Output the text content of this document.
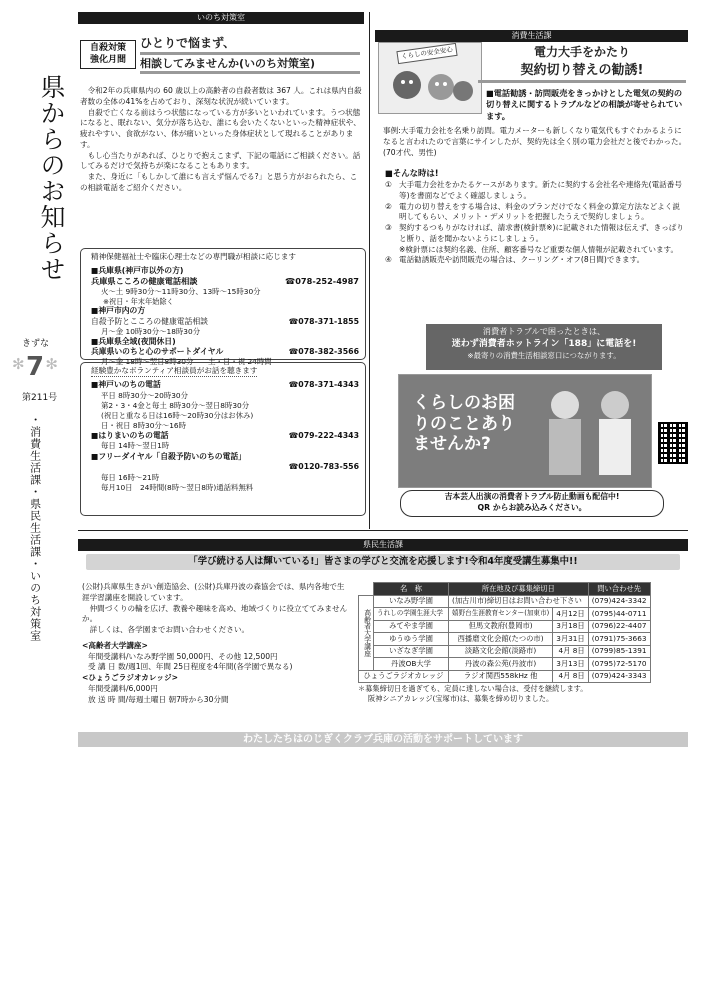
県からのお知らせ
きずな
✻ 7 ✻
第211号
・消費生活課・県民生活課・いのち対策室
いのち対策室
自殺対策
強化月間
ひとりで悩まず、
相談してみませんか(いのち対策室)
令和2年の兵庫県内の 60 歳以上の高齢者の自殺者数は 367 人。これは県内自殺者数の全体の41%を占めており、深刻な状況が続いています。
自殺で亡くなる前はうつ状態になっている方が多いといわれています。うつ状態になると、眠れない、気分が落ち込む、誰にも会いたくないといった精神症状や、疲れやすい、食欲がない、体が痛いといった身体症状として現れることがあります。
もし心当たりがあれば、ひとりで抱えこまず、下記の電話にご相談ください。話してみるだけで気持ちが楽になることもあります。
また、身近に「もしかして誰にも言えず悩んでる?」と思う方がおられたら、この相談電話をご紹介ください。
精神保健福祉士や臨床心理士などの専門職が相談に応じます
■兵庫県(神戸市以外の方)
兵庫県こころの健康電話相談	☎078-252-4987
火～土 9時30分～11時30分、13時～15時30分
※祝日・年末年始除く
■神戸市内の方
自殺予防とこころの健康電話相談	☎078-371-1855
月～金 10時30分～18時30分
■兵庫県全域(夜間休日)
兵庫県いのちと心のサポートダイヤル	☎078-382-3566
月～金 18時～翌日8時30分　　土・日・祝 24時間
経験豊かなボランティア相談員がお話を聴きます
■神戸いのちの電話	☎078-371-4343
平日 8時30分～20時30分
第2・3・4金と毎土 8時30分～翌日8時30分
(祝日と重なる日は16時～20時30分はお休み)
日・祝日 8時30分～16時
■はりまいのちの電話	☎079-222-4343
毎日 14時～翌日1時
■フリーダイヤル「自殺予防いのちの電話」
☎0120-783-556
毎日 16時～21時
毎月10日　24時間(8時～翌日8時)通話料無料
消費生活課
くらしの安全安心	電力大手をかたり
契約切り替えの勧誘!
■電話勧誘・訪問販売をきっかけとした電気の契約の切り替えに関するトラブルなどの相談が寄せられています。
事例:大手電力会社を名乗り訪問。電力メーターも新しくなり電気代もすぐわかるようになると言われたので言葉にサインしたが、契約先は全く別の電力会社だと後でわかった。(70才代、男性)
■そんな時は!
① 大手電力会社をかたるケースがあります。新たに契約する会社名や連絡先(電話番号等)を書面などでよく確認しましょう。
② 電力の切り替えをする場合は、料金のプランだけでなく料金の算定方法などよく説明してもらい、メリット・デメリットを把握したうえで契約しましょう。
③ 契約するつもりがなければ、請求書(検針票※)に記載された情報は伝えず、きっぱりと断り、話を聞かないようにしましょう。
※検針票には契約名義、住所、顧客番号など重要な個人情報が記載されています。
④ 電話勧誘販売や訪問販売の場合は、クーリング・オフ(8日間)できます。
消費者トラブルで困ったときは、
迷わず消費者ホットライン「188」に電話を!
※最寄りの消費生活相談窓口につながります。
くらしのお困りのことありませんか?
吉本芸人出演の消費者トラブル防止動画も配信中!
QR からお読み込みください。
県民生活課
「学び続ける人は輝いている!」皆さまの学びと交流を応援します!令和4年度受講生募集中!!
(公財)兵庫県生きがい創造協会、(公財)兵庫丹波の森協会では、県内各地で生涯学習講座を開設しています。
仲間づくりの輪を広げ、教養や趣味を高め、地域づくりに役立ててみませんか。
詳しくは、各学園までお問い合わせください。
<高齢者大学講座>
年間受講料/いなみ野学園 50,000円、その他 12,500円
受 講 日 数/週1回、年間 25日程度を4年間(各学園で異なる)
<ひょうごラジオカレッジ>
年間受講料/6,000円
放 送 時 間/毎週土曜日 朝7時から30分間
	名　称	所在地及び募集締切日		問い合わせ先
高齢者大学講座	いなみ野学園	(加古川市)締切日はお問い合わせ下さい		(079)424-3342
	うれしの学園生涯大学	嬉野台生涯教育センター(加東市)	4月12日	(0795)44-0711
	みてやま学園	但馬文教府(豊岡市)	3月18日	(0796)22-4407
	ゆうゆう学園	西播磨文化会館(たつの市)	3月31日	(0791)75-3663
	いざなぎ学園	淡路文化会館(淡路市)	4月 8日	(0799)85-1391
	丹波OB大学	丹波の森公苑(丹波市)	3月13日	(0795)72-5170
ひょうごラジオカレッジ		ラジオ関西558kHz 他	4月 8日	(079)424-3343
＊募集締切日を過ぎても、定員に達しない場合は、受付を継続します。
阪神シニアカレッジ(宝塚市)は、募集を締め切りました。
わたしたちはのじぎくクラブ兵庫の活動をサポートしています
